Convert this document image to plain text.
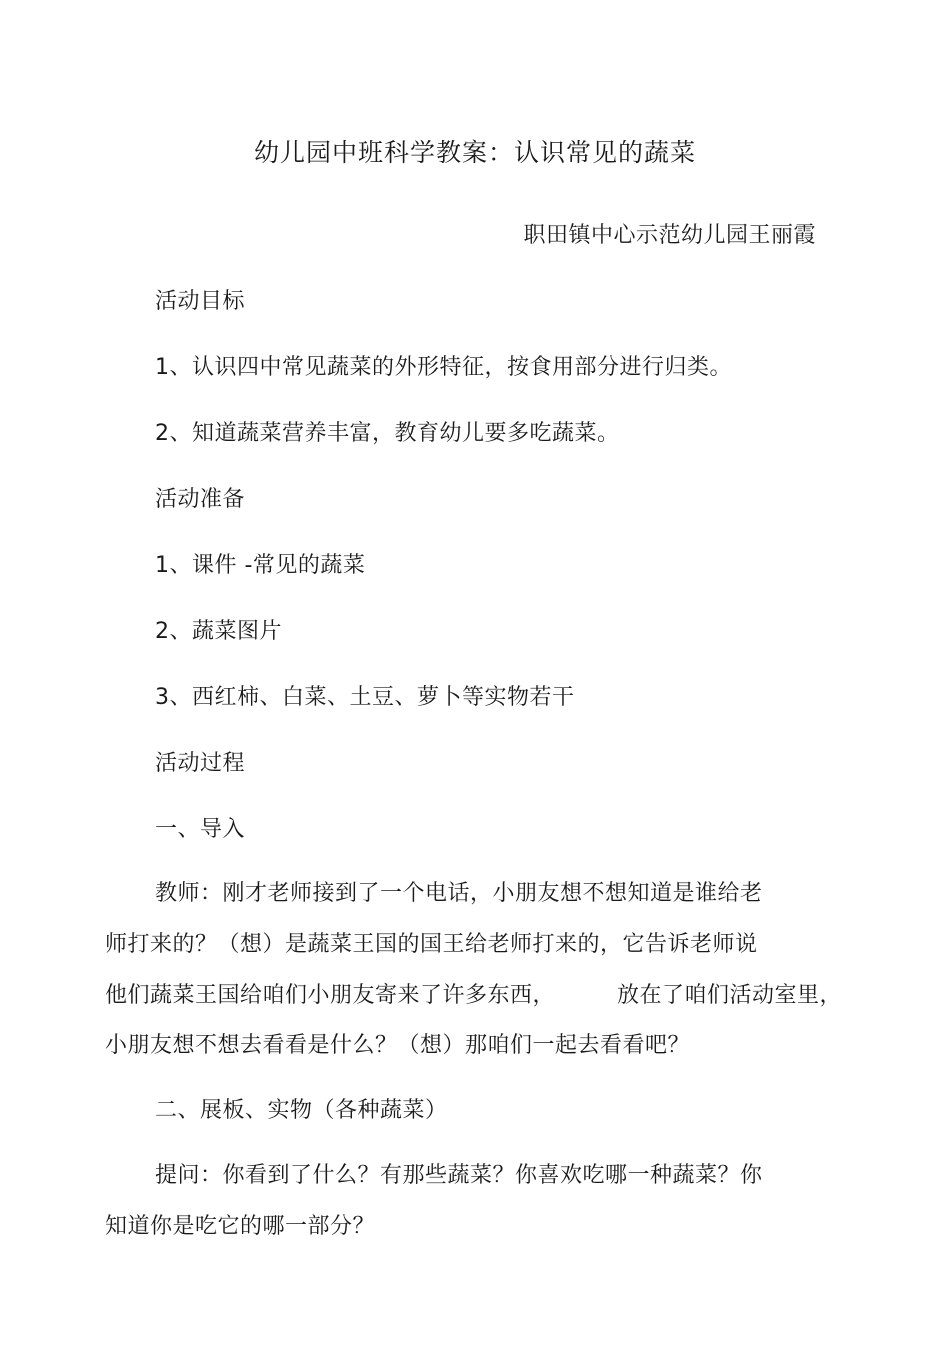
幼儿园中班科学教案：认识常见的蔬菜
职田镇中心示范幼儿园王丽霞
活动目标
1、认识四中常见蔬菜的外形特征，按食用部分进行归类。
2、知道蔬菜营养丰富，教育幼儿要多吃蔬菜。
活动准备
1、课件 -常见的蔬菜
2、蔬菜图片
3、西红柿、白菜、土豆、萝卜等实物若干
活动过程
一、导入
教师：刚才老师接到了一个电话，小朋友想不想知道是谁给老
师打来的？（想）是蔬菜王国的国王给老师打来的，它告诉老师说
他们蔬菜王国给咱们小朋友寄来了许多东西，	放在了咱们活动室里，
小朋友想不想去看看是什么？（想）那咱们一起去看看吧？
二、展板、实物（各种蔬菜）
提问：你看到了什么？有那些蔬菜？你喜欢吃哪一种蔬菜？你
知道你是吃它的哪一部分？
